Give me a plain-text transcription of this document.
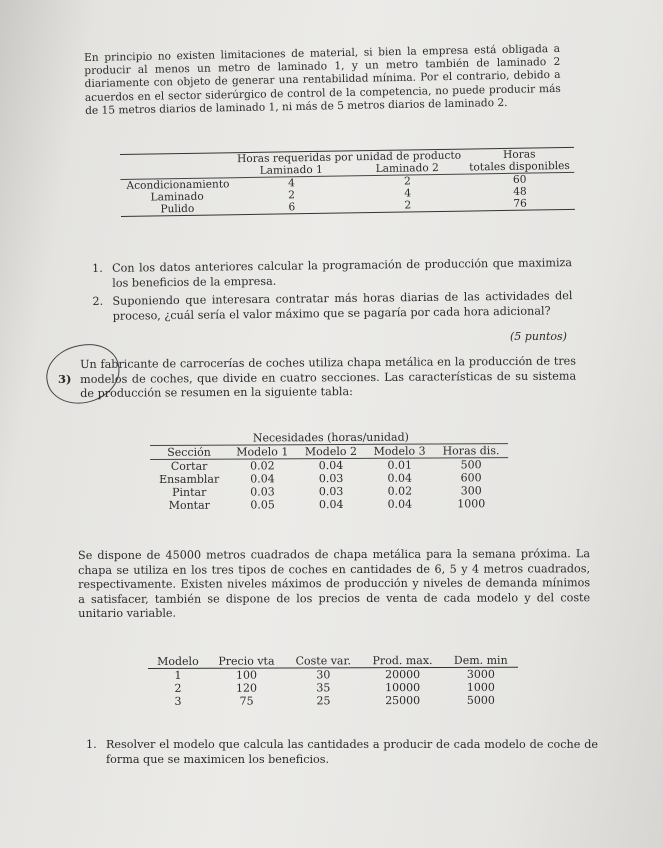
En principio no existen limitaciones de material, si bien la empresa está obligada a producir al menos un metro de laminado 1, y un metro también de laminado 2 diariamente con objeto de generar una rentabilidad mínima. Por el contrario, debido a acuerdos en el sector siderúrgico de control de la competencia, no puede producir más de 15 metros diarios de laminado 1, ni más de 5 metros diarios de laminado 2.

	Horas requeridas por unidad de producto		Horas
	Laminado 1	Laminado 2	totales disponibles
Acondicionamiento	4	2	60
Laminado	2	4	48
Pulido	6	2	76
1. Con los datos anteriores calcular la programación de producción que maximiza los beneficios de la empresa.
2. Suponiendo que interesara contratar más horas diarias de las actividades del proceso, ¿cuál sería el valor máximo que se pagaría por cada hora adicional?
(5 puntos)
3)

Un fabricante de carrocerías de coches utiliza chapa metálica en la producción de tres modelos de coches, que divide en cuatro secciones. Las características de su sistema de producción se resumen en la siguiente tabla:

	Necesidades (horas/unidad)			
Sección	Modelo 1	Modelo 2	Modelo 3	Horas dis.
Cortar	0.02	0.04	0.01	500
Ensamblar	0.04	0.03	0.04	600
Pintar	0.03	0.03	0.02	300
Montar	0.05	0.04	0.04	1000

Se dispone de 45000 metros cuadrados de chapa metálica para la semana próxima. La chapa se utiliza en los tres tipos de coches en cantidades de 6, 5 y 4 metros cuadrados, respectivamente. Existen niveles máximos de producción y niveles de demanda mínimos a satisfacer, también se dispone de los precios de venta de cada modelo y del coste unitario variable.

Modelo	Precio vta	Coste var.	Prod. max.	Dem. min
1	100	30	20000	3000
2	120	35	10000	1000
3	75	25	25000	5000
1. Resolver el modelo que calcula las cantidades a producir de cada modelo de coche de forma que se maximicen los beneficios.
